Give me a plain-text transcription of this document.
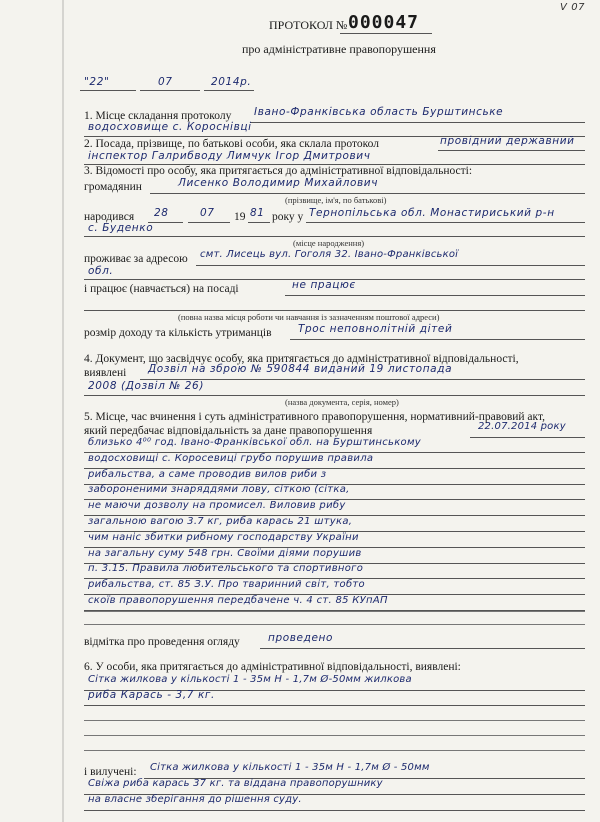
V 07
ПРОТОКОЛ № 000047
про адміністративне правопорушення
"22"	07	2014р.
1. Місце складання протоколу Івано-Франківська область Бурштинське
водосховище с. Короснівці
2. Посада, прізвище, по батькові особи, яка склала протокол	провідний державний
інспектор Галрибводу Лимчук Ігор Дмитрович
3. Відомості про особу, яка притягається до адміністративної відповідальності:
громадянин	Лисенко Володимир Михайлович
(прізвище, ім'я, по батькові)
народився 28	07 19 81 року у Тернопільська обл. Монастириський р-н
с. Буденко
(місце народження)
проживає за адресою смт. Лисець вул. Гоголя 32. Івано-Франківської
обл.
і працює (навчається) на посаді	не працює
(повна назва місця роботи чи навчання із зазначенням поштової адреси)
розмір доходу та кількість утриманців	Трос неповнолітній дітей
4. Документ, що засвідчує особу, яка притягається до адміністративної відповідальності,
виявлені Дозвіл на зброю № 590844 виданий 19 листопада
2008 (Дозвіл № 26)
(назва документа, серія, номер)
5. Місце, час вчинення і суть адміністративного правопорушення, нормативний-правовий акт,
який передбачає відповідальність за дане правопорушення	22.07.2014 року
близько 4⁰⁰ год. Івано-Франківської обл. на Бурштинському
водосховищі с. Коросевиці грубо порушив правила
рибальства, а саме проводив вилов риби з
забороненими знаряддями лову, сіткою (сітка,
не маючи дозволу на промисел. Виловив рибу
загальною вагою 3.7 кг, риба карась 21 штука,
чим наніс збитки рибному господарству України
на загальну суму 548 грн. Своїми діями порушив
п. 3.15. Правила любительського та спортивного
рибальства, ст. 85 З.У. Про тваринний світ, тобто
скоїв правопорушення передбачене ч. 4 ст. 85 КУпАП
відмітка про проведення огляду	проведено
6. У особи, яка притягається до адміністративної відповідальності, виявлені:
Сітка жилкова у кількості 1 - 35м Н - 1,7м Ø-50мм жилкова
риба Карась - 3,7 кг.
і вилучені: Сітка жилкова у кількості 1 - 35м Н - 1,7м Ø - 50мм
Свіжа риба карась 37 кг. та віддана правопорушнику
на власне зберігання до рішення суду.
